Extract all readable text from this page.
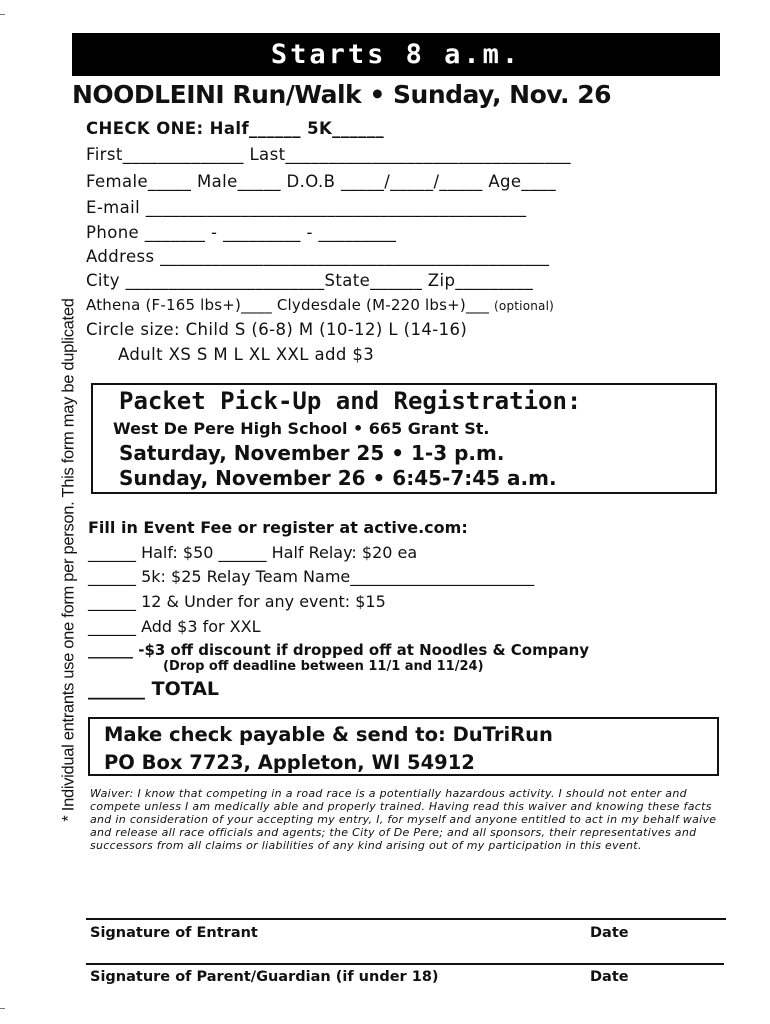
Starts 8 a.m.
NOODLEINI Run/Walk • Sunday, Nov. 26
CHECK ONE: Half______ 5K______
First______________ Last_________________________________
Female_____ Male_____ D.O.B _____/_____/_____ Age____
E-mail ____________________________________________
Phone _______ - _________ - _________
Address _____________________________________________
City _______________________State______ Zip_________
Athena (F-165 lbs+)____ Clydesdale (M-220 lbs+)___ (optional)
Circle size: Child S (6-8) M (10-12) L (14-16)
Adult XS S M L XL XXL add $3
* Individual entrants use one form per person. This form may be duplicated Packet Pick-Up and Registration:
West De Pere High School • 665 Grant St.
Saturday, November 25 • 1-3 p.m.
Sunday, November 26 • 6:45-7:45 a.m.
Fill in Event Fee or register at active.com:
______ Half: $50 ______ Half Relay: $20 ea
______ 5k: $25 Relay Team Name_______________________
______ 12 & Under for any event: $15
______ Add $3 for XXL
______ -$3 off discount if dropped off at Noodles & Company
(Drop off deadline between 11/1 and 11/24)
______ TOTAL
Make check payable & send to: DuTriRun
PO Box 7723, Appleton, WI 54912
Waiver: I know that competing in a road race is a potentially hazardous activity. I should not enter and compete unless I am medically able and properly trained. Having read this waiver and knowing these facts and in consideration of your accepting my entry, I, for myself and anyone entitled to act in my behalf waive and release all race officials and agents; the City of De Pere; and all sponsors, their representatives and successors from all claims or liabilities of any kind arising out of my participation in this event.
Signature of Entrant	Date
Signature of Parent/Guardian (if under 18)	Date
